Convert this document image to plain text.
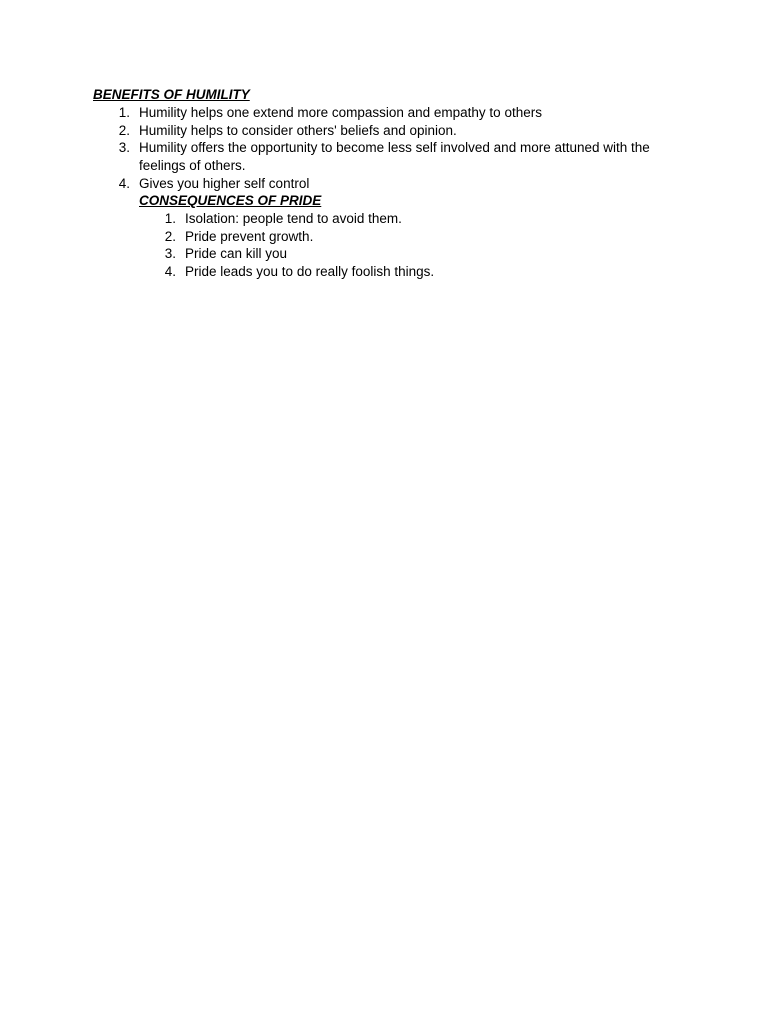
BENEFITS OF HUMILITY
1. Humility helps one extend more compassion and empathy to others
2. Humility helps to consider others' beliefs and opinion.
3. Humility offers the opportunity to become less self involved and more attuned with the feelings of others.
4. Gives you higher self control
CONSEQUENCES OF PRIDE
1. Isolation: people tend to avoid them.
2. Pride prevent growth.
3. Pride can kill you
4. Pride leads you to do really foolish things.
